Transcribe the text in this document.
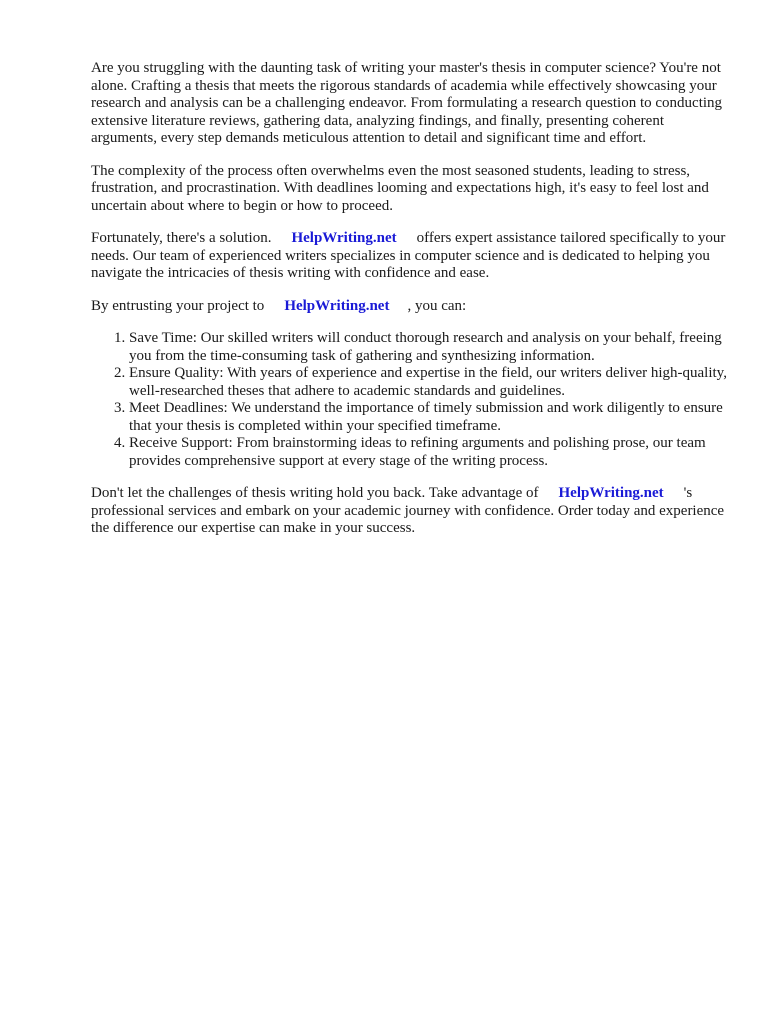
Are you struggling with the daunting task of writing your master's thesis in computer science? You're not alone. Crafting a thesis that meets the rigorous standards of academia while effectively showcasing your research and analysis can be a challenging endeavor. From formulating a research question to conducting extensive literature reviews, gathering data, analyzing findings, and finally, presenting coherent arguments, every step demands meticulous attention to detail and significant time and effort.

The complexity of the process often overwhelms even the most seasoned students, leading to stress, frustration, and procrastination. With deadlines looming and expectations high, it's easy to feel lost and uncertain about where to begin or how to proceed.

Fortunately, there's a solution. HelpWriting.net offers expert assistance tailored specifically to your needs. Our team of experienced writers specializes in computer science and is dedicated to helping you navigate the intricacies of thesis writing with confidence and ease.

By entrusting your project to HelpWriting.net , you can:

1. Save Time: Our skilled writers will conduct thorough research and analysis on your behalf, freeing you from the time-consuming task of gathering and synthesizing information.
2. Ensure Quality: With years of experience and expertise in the field, our writers deliver high-quality, well-researched theses that adhere to academic standards and guidelines.
3. Meet Deadlines: We understand the importance of timely submission and work diligently to ensure that your thesis is completed within your specified timeframe.
4. Receive Support: From brainstorming ideas to refining arguments and polishing prose, our team provides comprehensive support at every stage of the writing process.

Don't let the challenges of thesis writing hold you back. Take advantage of HelpWriting.net 's professional services and embark on your academic journey with confidence. Order today and experience the difference our expertise can make in your success.
